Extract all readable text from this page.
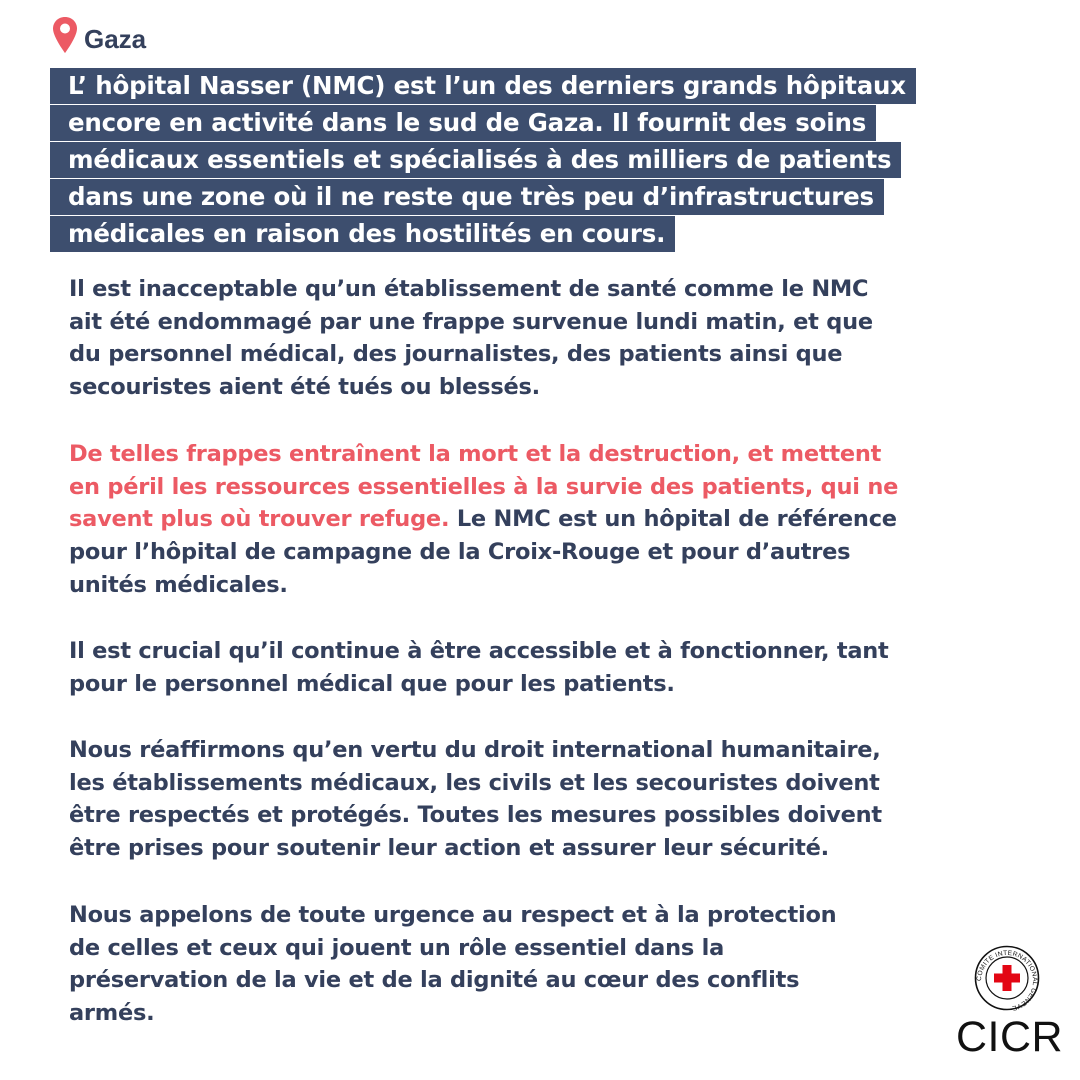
Gaza
L’ hôpital Nasser (NMC) est l’un des derniers grands hôpitaux
encore en activité dans le sud de Gaza. Il fournit des soins
médicaux essentiels et spécialisés à des milliers de patients
dans une zone où il ne reste que très peu d’infrastructures
médicales en raison des hostilités en cours.
Il est inacceptable qu’un établissement de santé comme le NMC
ait été endommagé par une frappe survenue lundi matin, et que
du personnel médical, des journalistes, des patients ainsi que
secouristes aient été tués ou blessés.
De telles frappes entraînent la mort et la destruction, et mettent
en péril les ressources essentielles à la survie des patients, qui ne
savent plus où trouver refuge. Le NMC est un hôpital de référence
pour l’hôpital de campagne de la Croix-Rouge et pour d’autres
unités médicales.
Il est crucial qu’il continue à être accessible et à fonctionner, tant
pour le personnel médical que pour les patients.
Nous réaffirmons qu’en vertu du droit international humanitaire,
les établissements médicaux, les civils et les secouristes doivent
être respectés et protégés. Toutes les mesures possibles doivent
être prises pour soutenir leur action et assurer leur sécurité.
Nous appelons de toute urgence au respect et à la protection
de celles et ceux qui jouent un rôle essentiel dans la
préservation de la vie et de la dignité au cœur des conflits
armés.
COMITE INTERNATIONAL GENEVE
CICR
